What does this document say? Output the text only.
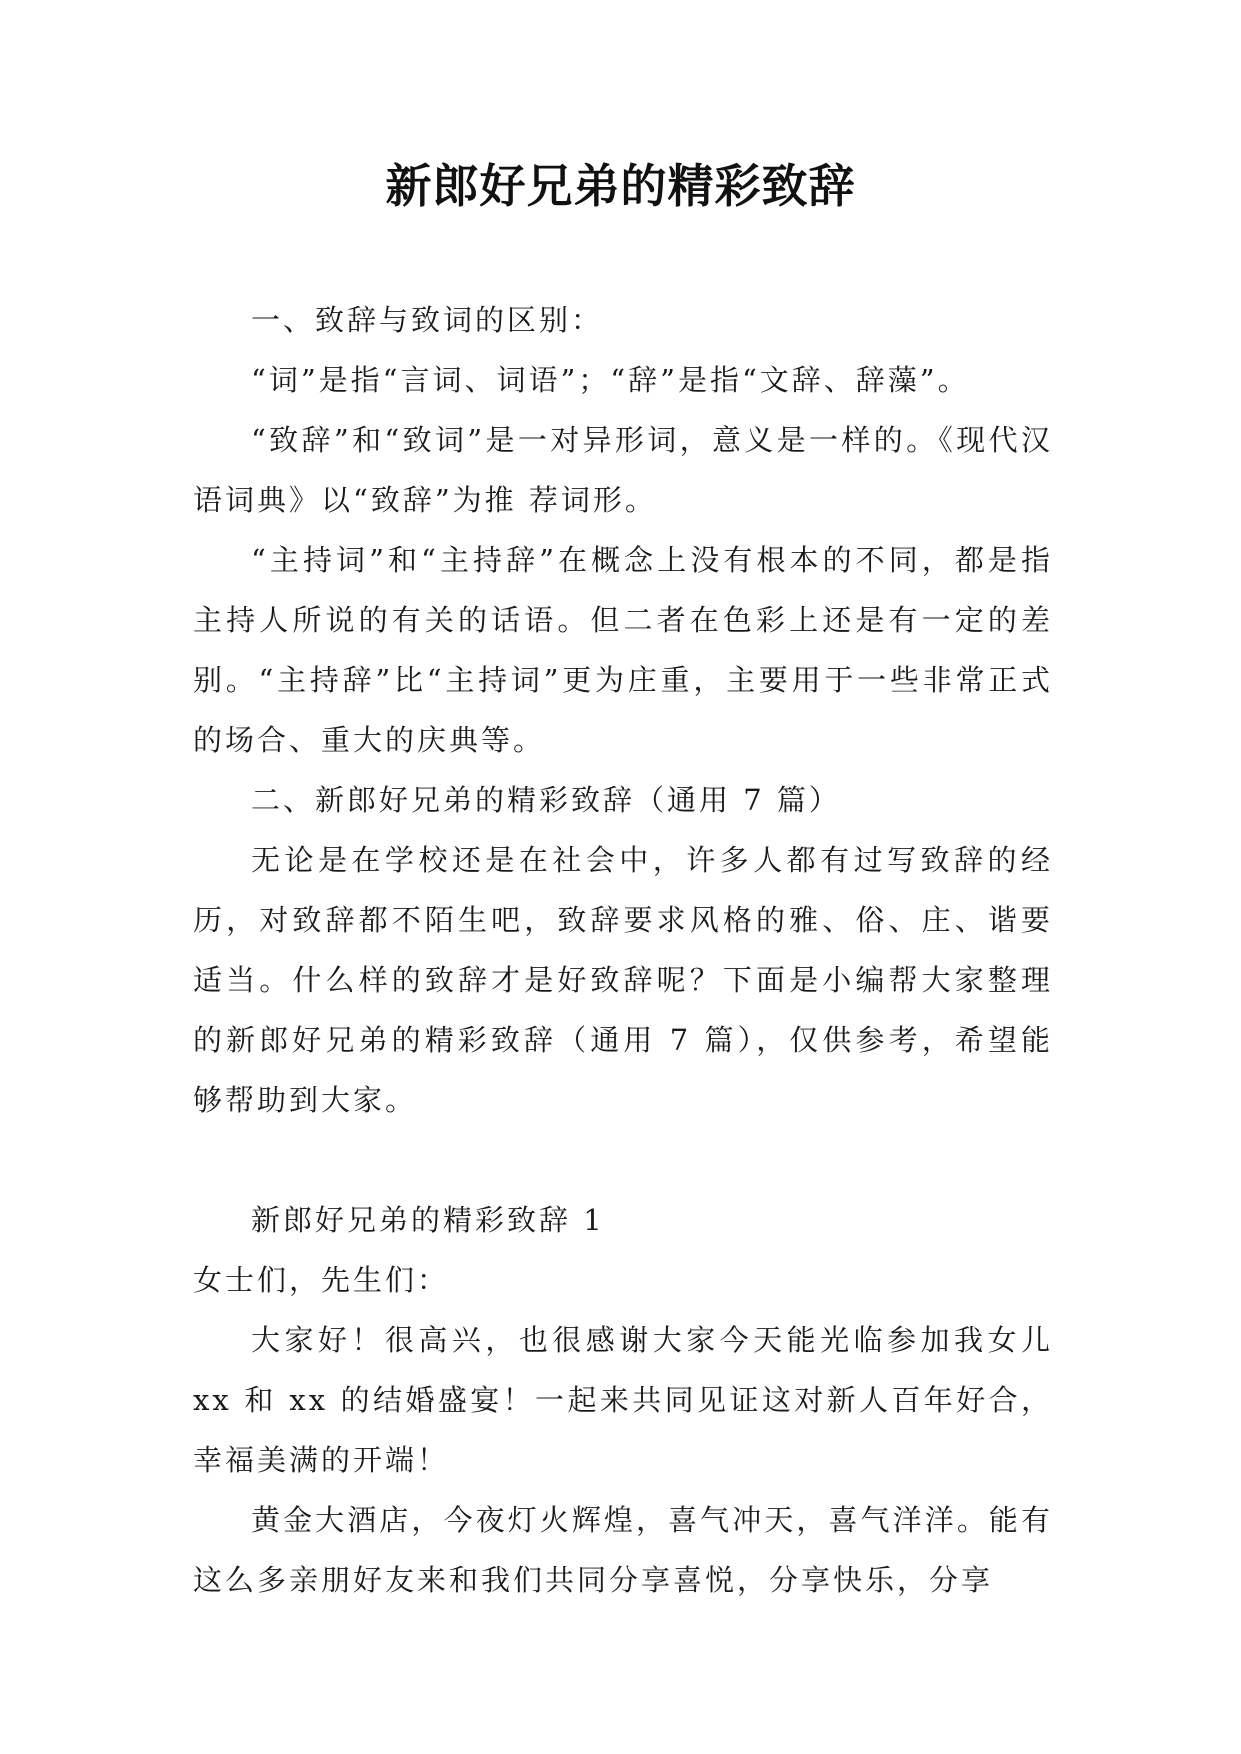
新郎好兄弟的精彩致辞

一、致辞与致词的区别：

“词”是指“言词、词语”；“辞”是指“文辞、辞藻”。

“致辞”和“致词”是一对异形词，意义是一样的。《现代汉语词典》以“致辞”为推 荐词形。

“主持词”和“主持辞”在概念上没有根本的不同，都是指主持人所说的有关的话语。但二者在色彩上还是有一定的差别。“主持辞”比“主持词”更为庄重，主要用于一些非常正式的场合、重大的庆典等。

二、新郎好兄弟的精彩致辞（通用 7 篇）

无论是在学校还是在社会中，许多人都有过写致辞的经历，对致辞都不陌生吧，致辞要求风格的雅、俗、庄、谐要适当。什么样的致辞才是好致辞呢？下面是小编帮大家整理的新郎好兄弟的精彩致辞（通用 7 篇），仅供参考，希望能够帮助到大家。

新郎好兄弟的精彩致辞 1

女士们，先生们：

大家好！很高兴，也很感谢大家今天能光临参加我女儿 xx 和 xx 的结婚盛宴！一起来共同见证这对新人百年好合，幸福美满的开端！

黄金大酒店，今夜灯火辉煌，喜气冲天，喜气洋洋。能有这么多亲朋好友来和我们共同分享喜悦，分享快乐，分享
